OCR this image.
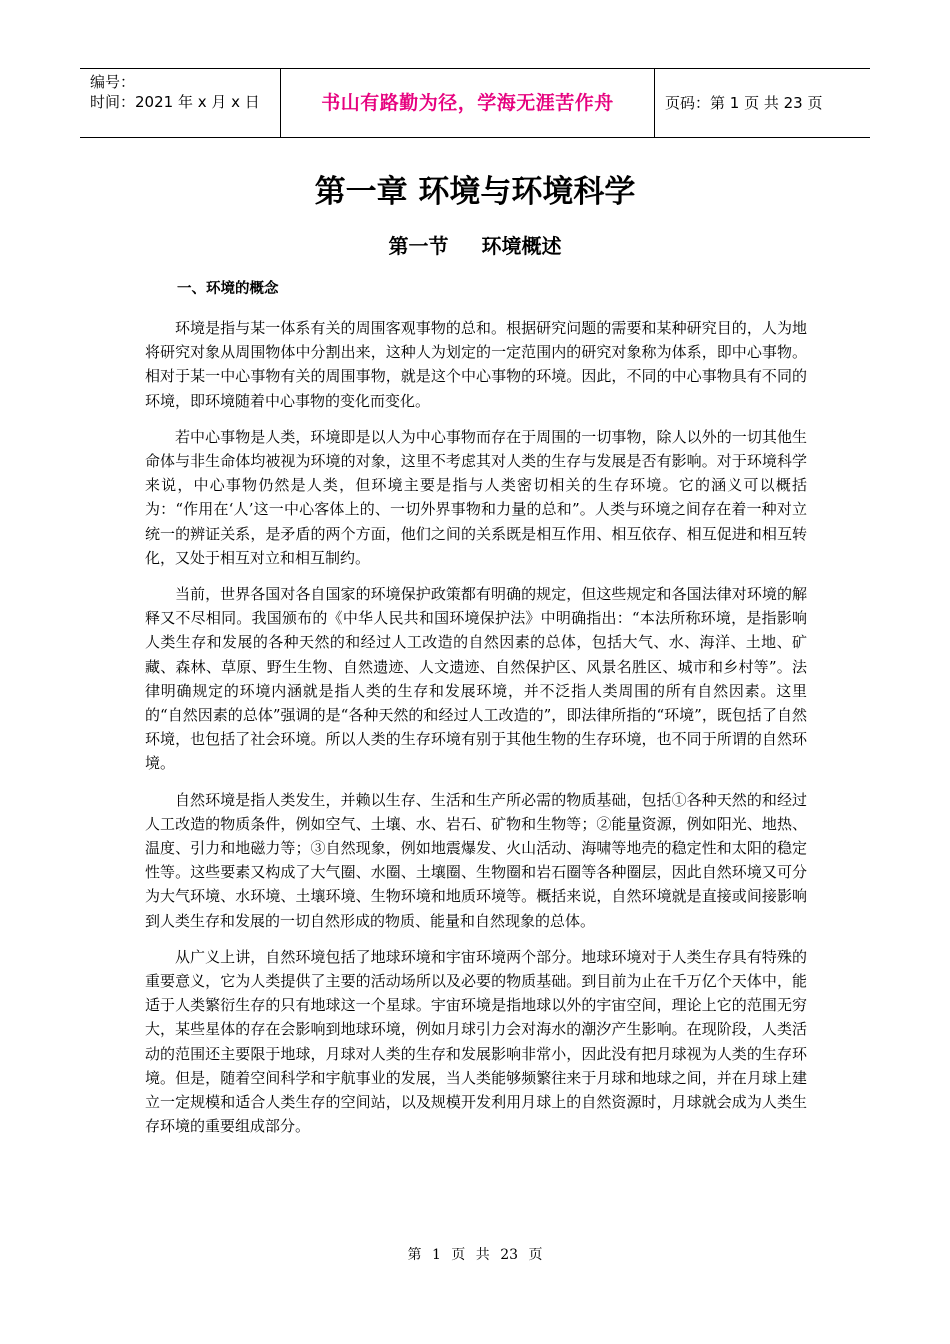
编号：
时间：2021 年 x 月 x 日	书山有路勤为径，学海无涯苦作舟	页码：第 1 页 共 23 页
第一章 环境与环境科学
第一节 环境概述
一、环境的概念

环境是指与某一体系有关的周围客观事物的总和。根据研究问题的需要和某种研究目的，人为地将研究对象从周围物体中分割出来，这种人为划定的一定范围内的研究对象称为体系，即中心事物。相对于某一中心事物有关的周围事物，就是这个中心事物的环境。因此，不同的中心事物具有不同的环境，即环境随着中心事物的变化而变化。

若中心事物是人类，环境即是以人为中心事物而存在于周围的一切事物，除人以外的一切其他生命体与非生命体均被视为环境的对象，这里不考虑其对人类的生存与发展是否有影响。对于环境科学来说，中心事物仍然是人类，但环境主要是指与人类密切相关的生存环境。它的涵义可以概括为：“作用在‘人’这一中心客体上的、一切外界事物和力量的总和”。人类与环境之间存在着一种对立统一的辨证关系，是矛盾的两个方面，他们之间的关系既是相互作用、相互依存、相互促进和相互转化，又处于相互对立和相互制约。

当前，世界各国对各自国家的环境保护政策都有明确的规定，但这些规定和各国法律对环境的解释又不尽相同。我国颁布的《中华人民共和国环境保护法》中明确指出：“本法所称环境，是指影响人类生存和发展的各种天然的和经过人工改造的自然因素的总体，包括大气、水、海洋、土地、矿藏、森林、草原、野生生物、自然遗迹、人文遗迹、自然保护区、风景名胜区、城市和乡村等”。法律明确规定的环境内涵就是指人类的生存和发展环境，并不泛指人类周围的所有自然因素。这里的“自然因素的总体”强调的是“各种天然的和经过人工改造的”，即法律所指的“环境”，既包括了自然环境，也包括了社会环境。所以人类的生存环境有别于其他生物的生存环境，也不同于所谓的自然环境。

自然环境是指人类发生，并赖以生存、生活和生产所必需的物质基础，包括①各种天然的和经过人工改造的物质条件，例如空气、土壤、水、岩石、矿物和生物等；②能量资源，例如阳光、地热、温度、引力和地磁力等；③自然现象，例如地震爆发、火山活动、海啸等地壳的稳定性和太阳的稳定性等。这些要素又构成了大气圈、水圈、土壤圈、生物圈和岩石圈等各种圈层，因此自然环境又可分为大气环境、水环境、土壤环境、生物环境和地质环境等。概括来说，自然环境就是直接或间接影响到人类生存和发展的一切自然形成的物质、能量和自然现象的总体。

从广义上讲，自然环境包括了地球环境和宇宙环境两个部分。地球环境对于人类生存具有特殊的重要意义，它为人类提供了主要的活动场所以及必要的物质基础。到目前为止在千万亿个天体中，能适于人类繁衍生存的只有地球这一个星球。宇宙环境是指地球以外的宇宙空间，理论上它的范围无穷大，某些星体的存在会影响到地球环境，例如月球引力会对海水的潮汐产生影响。在现阶段，人类活动的范围还主要限于地球，月球对人类的生存和发展影响非常小，因此没有把月球视为人类的生存环境。但是，随着空间科学和宇航事业的发展，当人类能够频繁往来于月球和地球之间，并在月球上建立一定规模和适合人类生存的空间站，以及规模开发利用月球上的自然资源时，月球就会成为人类生存环境的重要组成部分。

第 1 页 共 23 页
